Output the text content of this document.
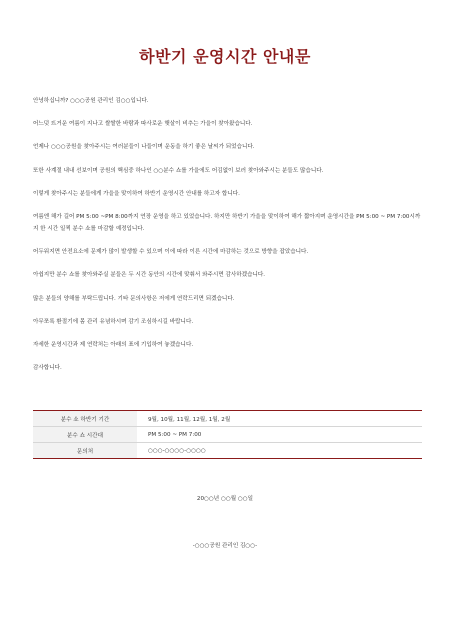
하반기 운영시간 안내문

안녕하십니까? ○○○공원 관리인 김○○입니다.

어느덧 뜨거운 여름이 지나고 쌀쌀한 바람과 따사로운 햇살이 비추는 가을이 찾아왔습니다.

언제나 ○○○공원을 찾아주시는 여러분들이 나들이며 운동을 하기 좋은 날씨가 되었습니다.

또한 사계절 내내 선보이며 공원의 핵심중 하나인 ○○분수 쇼를 가을에도 어김없이 보러 찾아와주시는 분들도 많습니다.

이렇게 찾아주시는 분들에게 가을을 맞이하여 하반기 운영시간 안내를 하고자 합니다.

여름엔 해가 길어 PM 5:00 ~PM 8:00까지 연장 운영을 하고 있었습니다. 하지만 하반기 가을을 맞이하여 해가 짧아지며 운영시간을 PM 5:00 ~ PM 7:00시까지 한 시간 일찍 분수 쇼를 마감할 예정입니다.

어두워지면 안전요소에 문제가 많이 발생할 수 있으며 이에 따라 이른 시간에 마감하는 것으로 방향을 잡았습니다.

아쉽지만 분수 쇼를 찾아와주실 분들은 두 시간 동안의 시간에 맞춰서 와주시면 감사하겠습니다.

많은 분들의 양해를 부탁드립니다. 기타 문의사항은 저에게 연락드리면 되겠습니다.

아무쪼록 환절기에 몸 관리 유념하시며 감기 조심하시길 바랍니다.

자세한 운영시간과 제 연락처는 아래의 표에 기입하여 놓겠습니다.

감사합니다.

분수 쇼 하반기 기간	9월, 10월, 11월, 12월, 1월, 2월
분수 쇼 시간대	PM 5:00 ~ PM 7:00
문의처	○○○-○○○○-○○○○
20○○년 ○○월 ○○일
-○○○공원 관리인 김○○-
